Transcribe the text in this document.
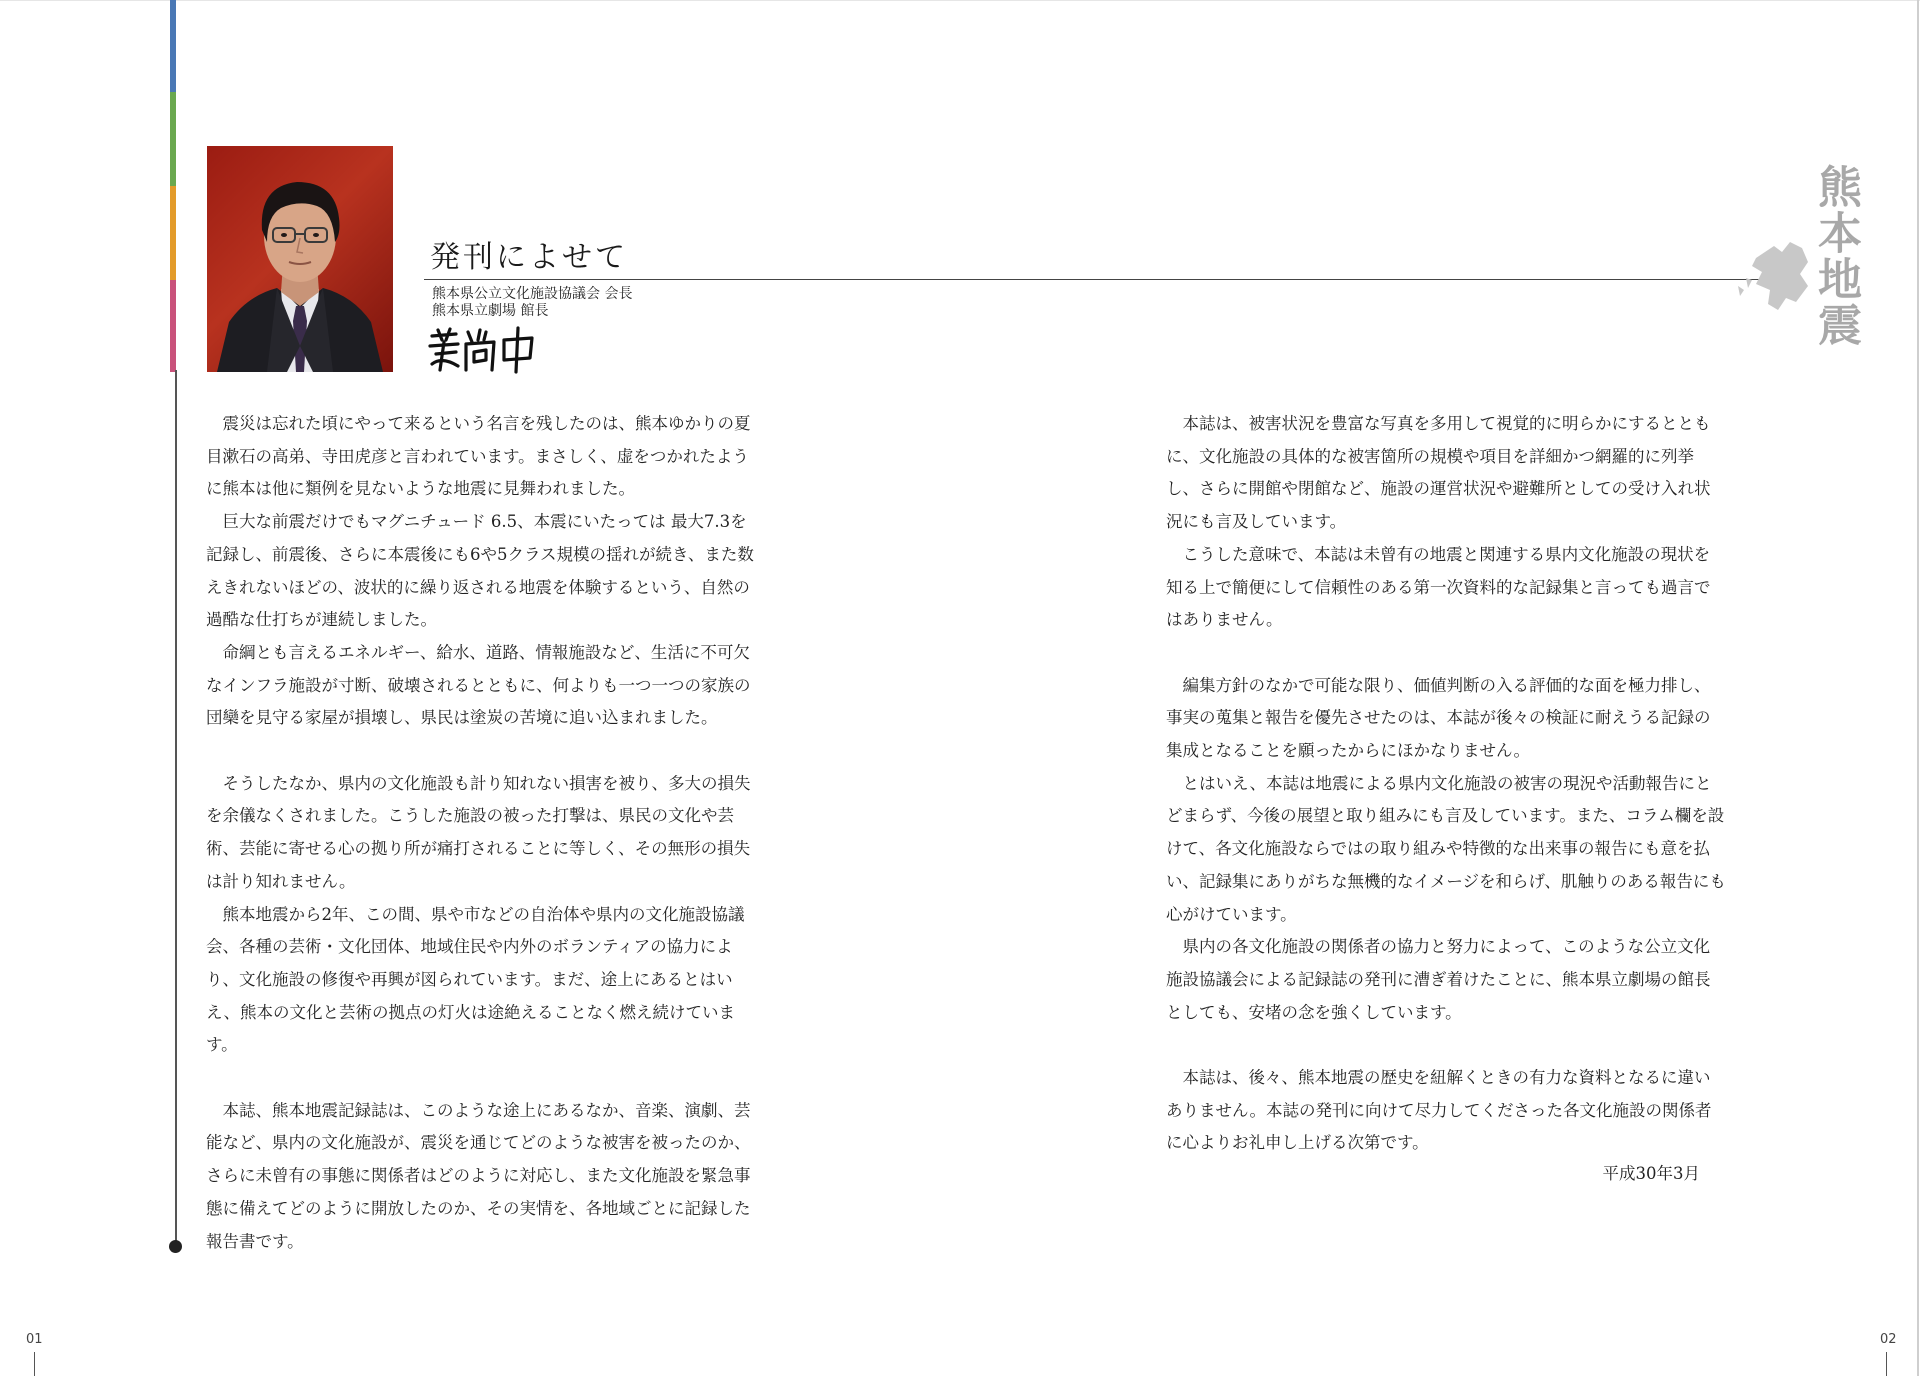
発刊によせて
熊本県公立文化施設協議会 会長
熊本県立劇場 館長	熊本地震

震災は忘れた頃にやって来るという名言を残したのは、熊本ゆかりの夏目漱石の高弟、寺田虎彦と言われています。まさしく、虚をつかれたように熊本は他に類例を見ないような地震に見舞われました。

巨大な前震だけでもマグニチュード 6.5、本震にいたっては 最大7.3を記録し、前震後、さらに本震後にも6や5クラス規模の揺れが続き、また数えきれないほどの、波状的に繰り返される地震を体験するという、自然の過酷な仕打ちが連続しました。

命綱とも言えるエネルギー、給水、道路、情報施設など、生活に不可欠なインフラ施設が寸断、破壊されるとともに、何よりも一つ一つの家族の団欒を見守る家屋が損壊し、県民は塗炭の苦境に追い込まれました。

そうしたなか、県内の文化施設も計り知れない損害を被り、多大の損失を余儀なくされました。こうした施設の被った打撃は、県民の文化や芸術、芸能に寄せる心の拠り所が痛打されることに等しく、その無形の損失は計り知れません。

熊本地震から2年、この間、県や市などの自治体や県内の文化施設協議会、各種の芸術・文化団体、地域住民や内外のボランティアの協力により、文化施設の修復や再興が図られています。まだ、途上にあるとはいえ、熊本の文化と芸術の拠点の灯火は途絶えることなく燃え続けています。

本誌、熊本地震記録誌は、このような途上にあるなか、音楽、演劇、芸能など、県内の文化施設が、震災を通じてどのような被害を被ったのか、さらに未曾有の事態に関係者はどのように対応し、また文化施設を緊急事態に備えてどのように開放したのか、その実情を、各地域ごとに記録した報告書です。

本誌は、被害状況を豊富な写真を多用して視覚的に明らかにするとともに、文化施設の具体的な被害箇所の規模や項目を詳細かつ網羅的に列挙し、さらに開館や閉館など、施設の運営状況や避難所としての受け入れ状況にも言及しています。

こうした意味で、本誌は未曾有の地震と関連する県内文化施設の現状を知る上で簡便にして信頼性のある第一次資料的な記録集と言っても過言ではありません。

編集方針のなかで可能な限り、価値判断の入る評価的な面を極力排し、事実の蒐集と報告を優先させたのは、本誌が後々の検証に耐えうる記録の集成となることを願ったからにほかなりません。

とはいえ、本誌は地震による県内文化施設の被害の現況や活動報告にとどまらず、今後の展望と取り組みにも言及しています。また、コラム欄を設けて、各文化施設ならではの取り組みや特徴的な出来事の報告にも意を払い、記録集にありがちな無機的なイメージを和らげ、肌触りのある報告にも心がけています。

県内の各文化施設の関係者の協力と努力によって、このような公立文化施設協議会による記録誌の発刊に漕ぎ着けたことに、熊本県立劇場の館長としても、安堵の念を強くしています。

本誌は、後々、熊本地震の歴史を紐解くときの有力な資料となるに違いありません。本誌の発刊に向けて尽力してくださった各文化施設の関係者に心よりお礼申し上げる次第です。

平成30年3月
01	02
